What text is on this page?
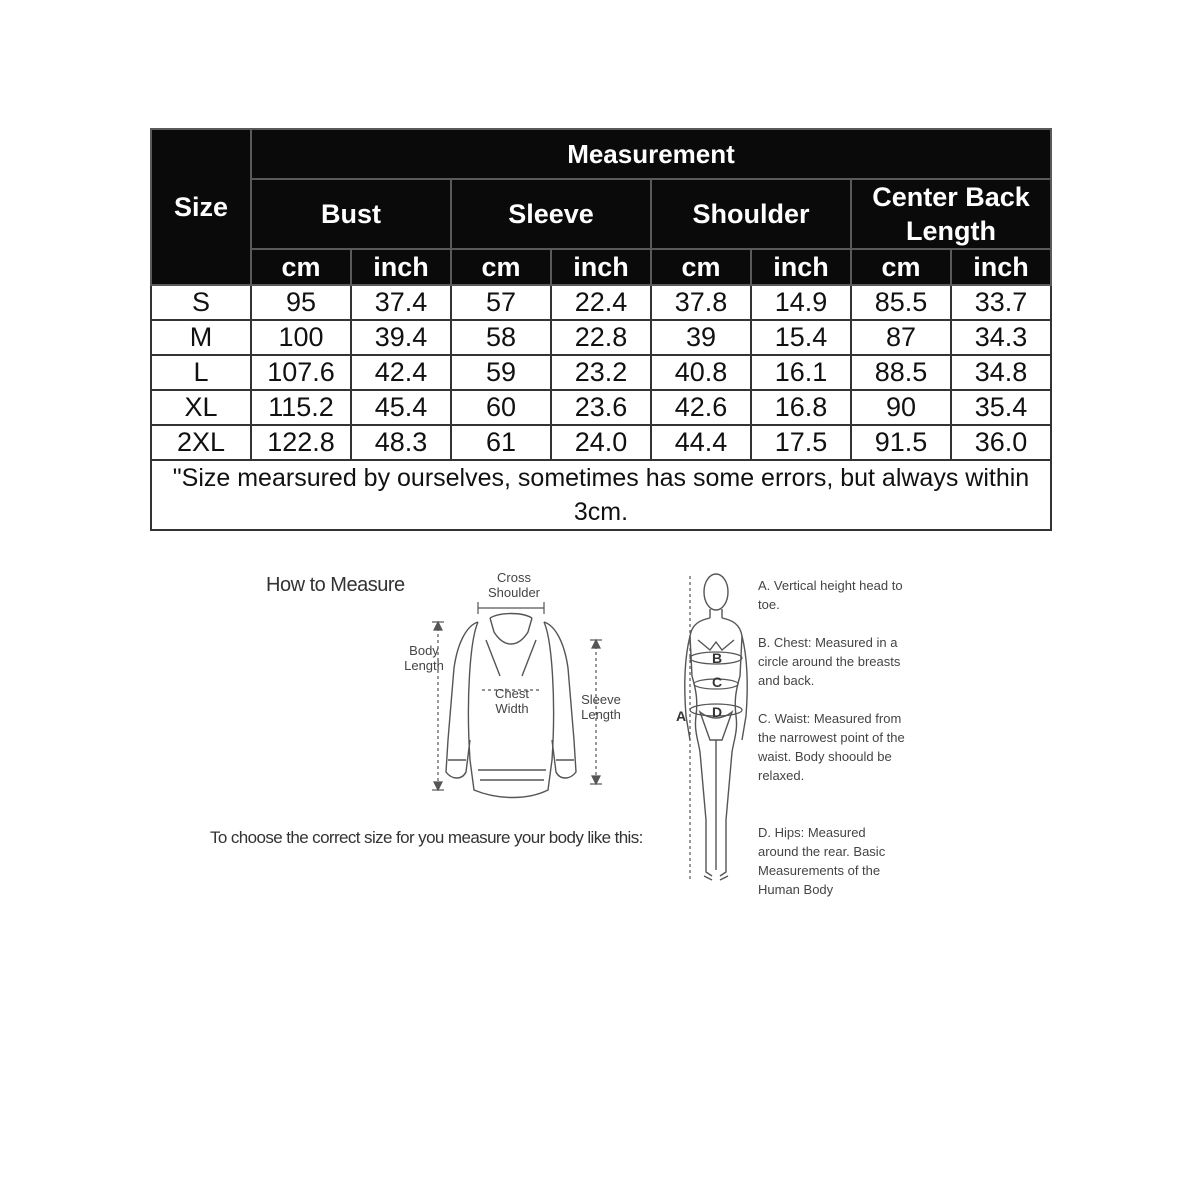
Size	Measurement							
	Bust		Sleeve		Shoulder		Center Back Length	
	cm	inch	cm	inch	cm	inch	cm	inch
S	95	37.4	57	22.4	37.8	14.9	85.5	33.7
M	100	39.4	58	22.8	39	15.4	87	34.3
L	107.6	42.4	59	23.2	40.8	16.1	88.5	34.8
XL	115.2	45.4	60	23.6	42.6	16.8	90	35.4
2XL	122.8	48.3	61	24.0	44.4	17.5	91.5	36.0
"Size mearsured by ourselves, sometimes has some errors, but always within 3cm.								
How to Measure	Cross Shoulder
Body Length
Chest Width
Sleeve Length
To choose the correct size for you measure your body like this:
A
B
C
D
A. Vertical height head to toe.
B. Chest: Measured in a circle around the breasts and back.
C. Waist: Measured from the narrowest point of the waist. Body shoould be relaxed.
D. Hips: Measured around the rear. Basic Measurements of the Human Body
